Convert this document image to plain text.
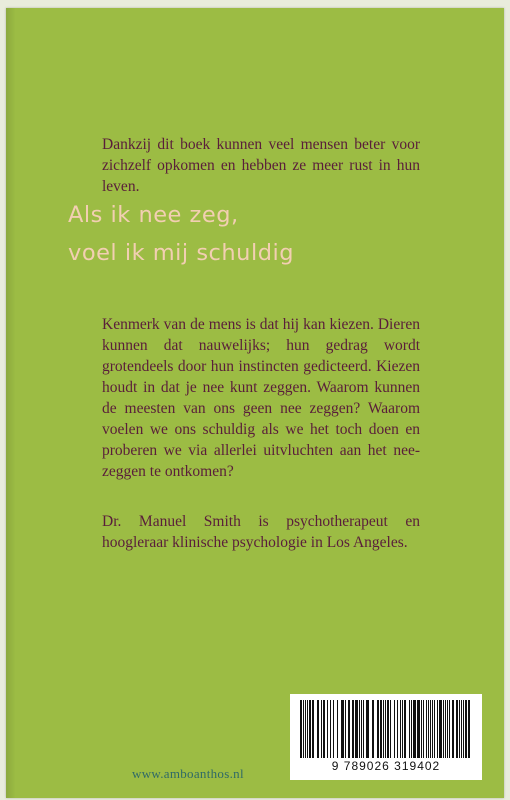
Dankzij dit boek kunnen veel mensen beter voor zichzelf opkomen en hebben ze meer rust in hun leven.

Als ik nee zeg,
voel ik mij schuldig

Kenmerk van de mens is dat hij kan kiezen. Dieren kunnen dat nauwelijks; hun gedrag wordt grotendeels door hun instincten gedicteerd. Kiezen houdt in dat je nee kunt zeggen. Waarom kunnen de meesten van ons geen nee zeggen? Waarom voelen we ons schuldig als we het toch doen en proberen we via allerlei uitvluchten aan het nee-zeggen te ontkomen?

Dr. Manuel Smith is psychotherapeut en hoogleraar klinische psychologie in Los Angeles.

www.amboanthos.nl	9 789026 319402
